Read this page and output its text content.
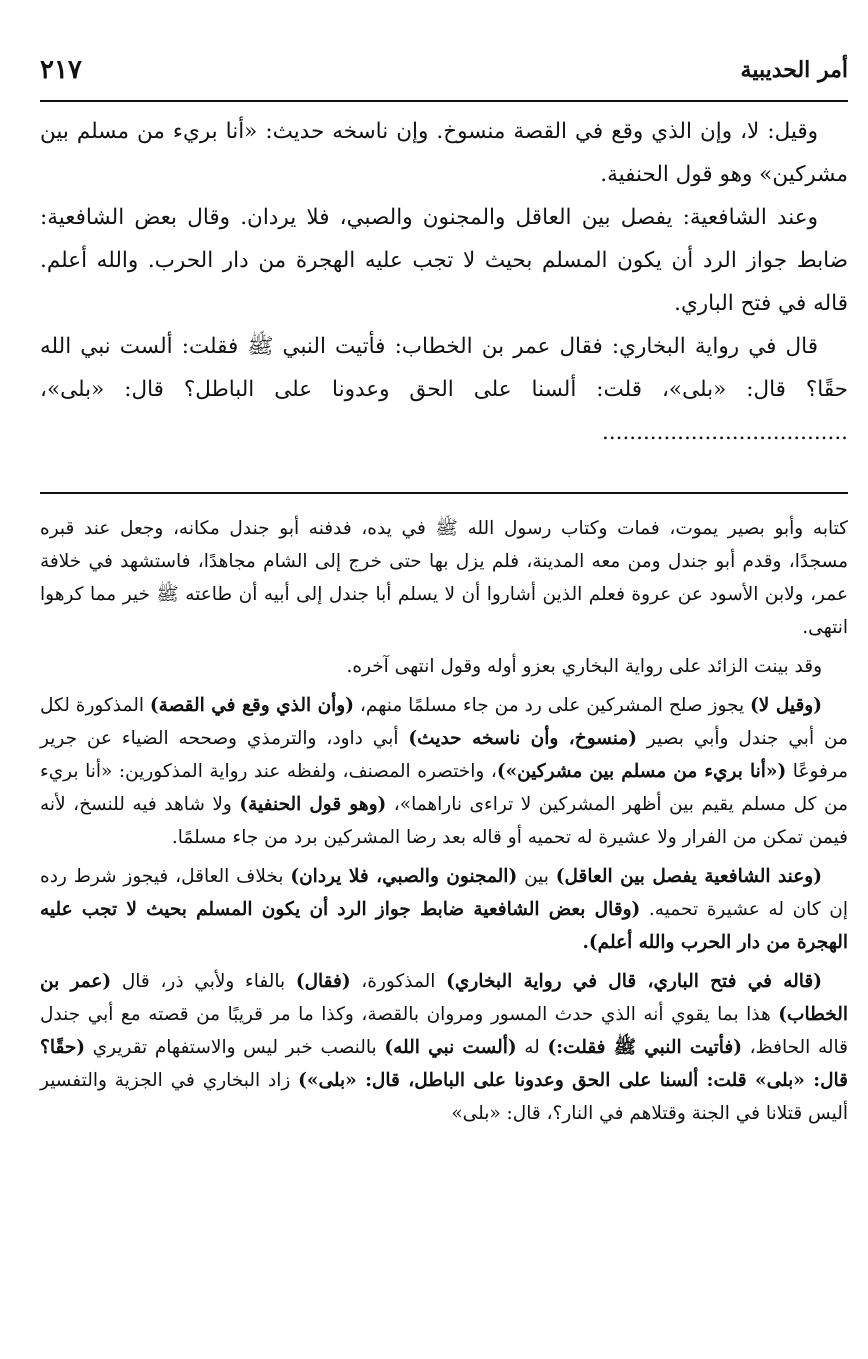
أمر الحديبية
٢١٧

وقيل: لا، وإن الذي وقع في القصة منسوخ. وإن ناسخه حديث: «أنا بريء من مسلم بين مشركين» وهو قول الحنفية.

وعند الشافعية: يفصل بين العاقل والمجنون والصبي، فلا يردان. وقال بعض الشافعية: ضابط جواز الرد أن يكون المسلم بحيث لا تجب عليه الهجرة من دار الحرب. والله أعلم. قاله في فتح الباري.

قال في رواية البخاري: فقال عمر بن الخطاب: فأتيت النبي ﷺ فقلت: ألست نبي الله حقًا؟ قال: «بلى»، قلت: ألسنا على الحق وعدونا على الباطل؟ قال: «بلى»، ....................................

كتابه وأبو بصير يموت، فمات وكتاب رسول الله ﷺ في يده، فدفنه أبو جندل مكانه، وجعل عند قبره مسجدًا، وقدم أبو جندل ومن معه المدينة، فلم يزل بها حتى خرج إلى الشام مجاهدًا، فاستشهد في خلافة عمر، ولابن الأسود عن عروة فعلم الذين أشاروا أن لا يسلم أبا جندل إلى أبيه أن طاعته ﷺ خير مما كرهوا انتهى.

وقد بينت الزائد على رواية البخاري بعزو أوله وقول انتهى آخره.

(وقيل لا) يجوز صلح المشركين على رد من جاء مسلمًا منهم، (وأن الذي وقع في القصة) المذكورة لكل من أبي جندل وأبي بصير (منسوخ، وأن ناسخه حديث) أبي داود، والترمذي وصححه الضياء عن جرير مرفوعًا («أنا بريء من مسلم بين مشركين»)، واختصره المصنف، ولفظه عند رواية المذكورين: «أنا بريء من كل مسلم يقيم بين أظهر المشركين لا تراءى ناراهما»، (وهو قول الحنفية) ولا شاهد فيه للنسخ، لأنه فيمن تمكن من الفرار ولا عشيرة له تحميه أو قاله بعد رضا المشركين برد من جاء مسلمًا.

(وعند الشافعية يفصل بين العاقل) بين (المجنون والصبي، فلا يردان) بخلاف العاقل، فيجوز شرط رده إن كان له عشيرة تحميه. (وقال بعض الشافعية ضابط جواز الرد أن يكون المسلم بحيث لا تجب عليه الهجرة من دار الحرب والله أعلم).

(قاله في فتح الباري، قال في رواية البخاري) المذكورة، (فقال) بالفاء ولأبي ذر، قال (عمر بن الخطاب) هذا بما يقوي أنه الذي حدث المسور ومروان بالقصة، وكذا ما مر قريبًا من قصته مع أبي جندل قاله الحافظ، (فأتيت النبي ﷺ فقلت:) له (ألست نبي الله) بالنصب خبر ليس والاستفهام تقريري (حقًا؟ قال: «بلى» قلت: ألسنا على الحق وعدونا على الباطل، قال: «بلى») زاد البخاري في الجزية والتفسير أليس قتلانا في الجنة وقتلاهم في النار؟، قال: «بلى»
